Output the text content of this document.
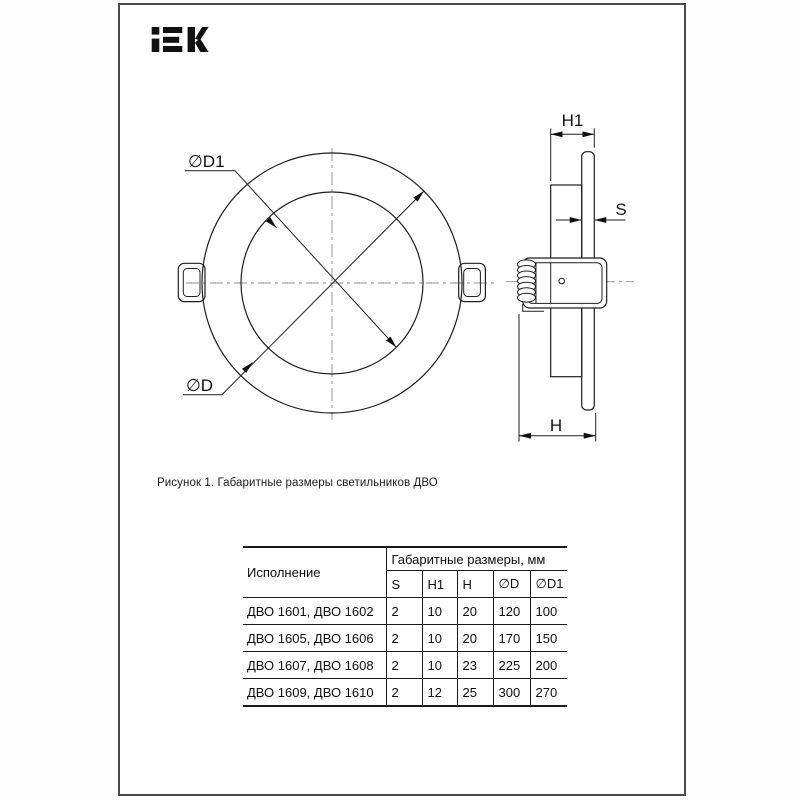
∅D1
∅D
H1
S
H
Рисунок 1. Габаритные размеры светильников ДВО
Исполнение	Габаритные размеры, мм				
	S	H1	H	∅D	∅D1
ДВО 1601, ДВО 1602	2	10	20	120	100
ДВО 1605, ДВО 1606	2	10	20	170	150
ДВО 1607, ДВО 1608	2	10	23	225	200
ДВО 1609, ДВО 1610	2	12	25	300	270
